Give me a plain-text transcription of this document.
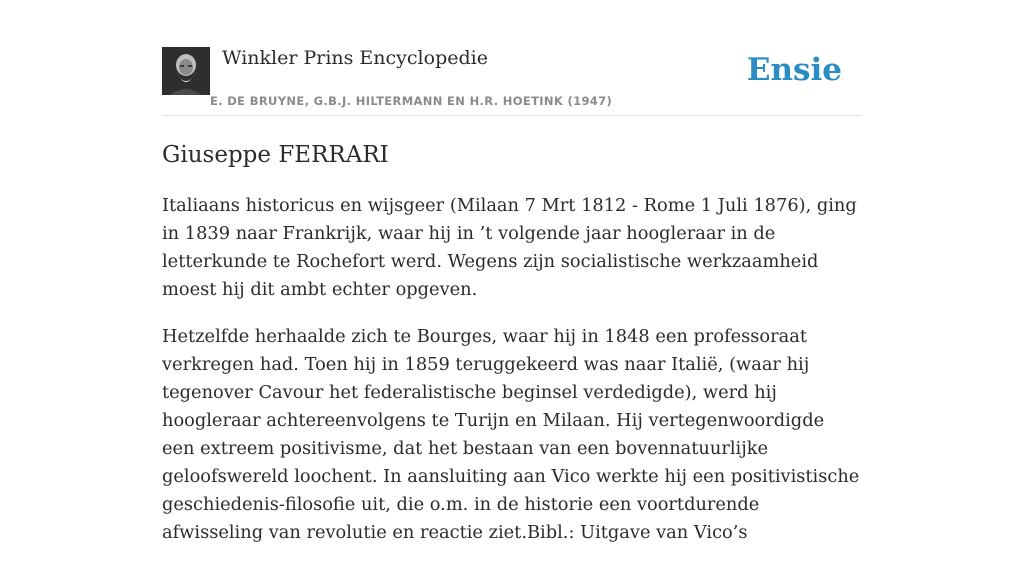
Winkler Prins Encyclopedie
E. DE BRUYNE, G.B.J. HILTERMANN EN H.R. HOETINK (1947)
Ensie
Giuseppe FERRARI

Italiaans historicus en wijsgeer (Milaan 7 Mrt 1812 - Rome 1 Juli 1876), ging in 1839 naar Frankrijk, waar hij in ’t volgende jaar hoogleraar in de letterkunde te Rochefort werd. Wegens zijn socialistische werkzaamheid moest hij dit ambt echter opgeven.

Hetzelfde herhaalde zich te Bourges, waar hij in 1848 een professoraat verkregen had. Toen hij in 1859 teruggekeerd was naar Italië, (waar hij tegenover Cavour het federalistische beginsel verdedigde), werd hij hoogleraar achtereenvolgens te Turijn en Milaan. Hij vertegenwoordigde een extreem positivisme, dat het bestaan van een bovennatuurlijke geloofswereld loochent. In aansluiting aan Vico werkte hij een positivistische geschiedenis-filosofie uit, die o.m. in de historie een voortdurende afwisseling van revolutie en reactie ziet.Bibl.: Uitgave van Vico’s
